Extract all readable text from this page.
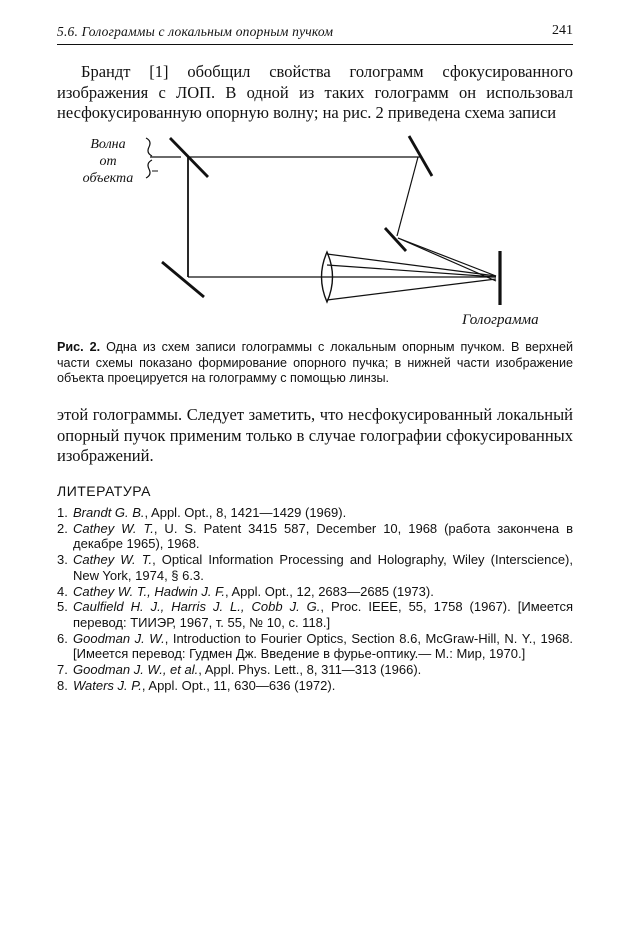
5.6. Голограммы с локальным опорным пучком	241

Брандт [1] обобщил свойства голограмм сфокусированного изображения с ЛОП. В одной из таких голограмм он использовал несфокусированную опорную волну; на рис. 2 приведена схема записи

Волна
от
объекта
Голограмма

Рис. 2. Одна из схем записи голограммы с локальным опорным пучком. В верхней части схемы показано формирование опорного пучка; в нижней части изображение объекта проецируется на голограмму с помощью линзы.

этой голограммы. Следует заметить, что несфокусированный локальный опорный пучок применим только в случае голографии сфокусированных изображений.

ЛИТЕРАТУРА
1. Brandt G. B., Appl. Opt., 8, 1421—1429 (1969).
2. Cathey W. T., U. S. Patent 3415 587, December 10, 1968 (работа закончена в декабре 1965), 1968.
3. Cathey W. T., Optical Information Processing and Holography, Wiley (Interscience), New York, 1974, § 6.3.
4. Cathey W. T., Hadwin J. F., Appl. Opt., 12, 2683—2685 (1973).
5. Caulfield H. J., Harris J. L., Cobb J. G., Proc. IEEE, 55, 1758 (1967). [Имеется перевод: ТИИЭР, 1967, т. 55, № 10, с. 118.]
6. Goodman J. W., Introduction to Fourier Optics, Section 8.6, McGraw-Hill, N. Y., 1968. [Имеется перевод: Гудмен Дж. Введение в фурье-оптику.— М.: Мир, 1970.]
7. Goodman J. W., et al., Appl. Phys. Lett., 8, 311—313 (1966).
8. Waters J. P., Appl. Opt., 11, 630—636 (1972).
